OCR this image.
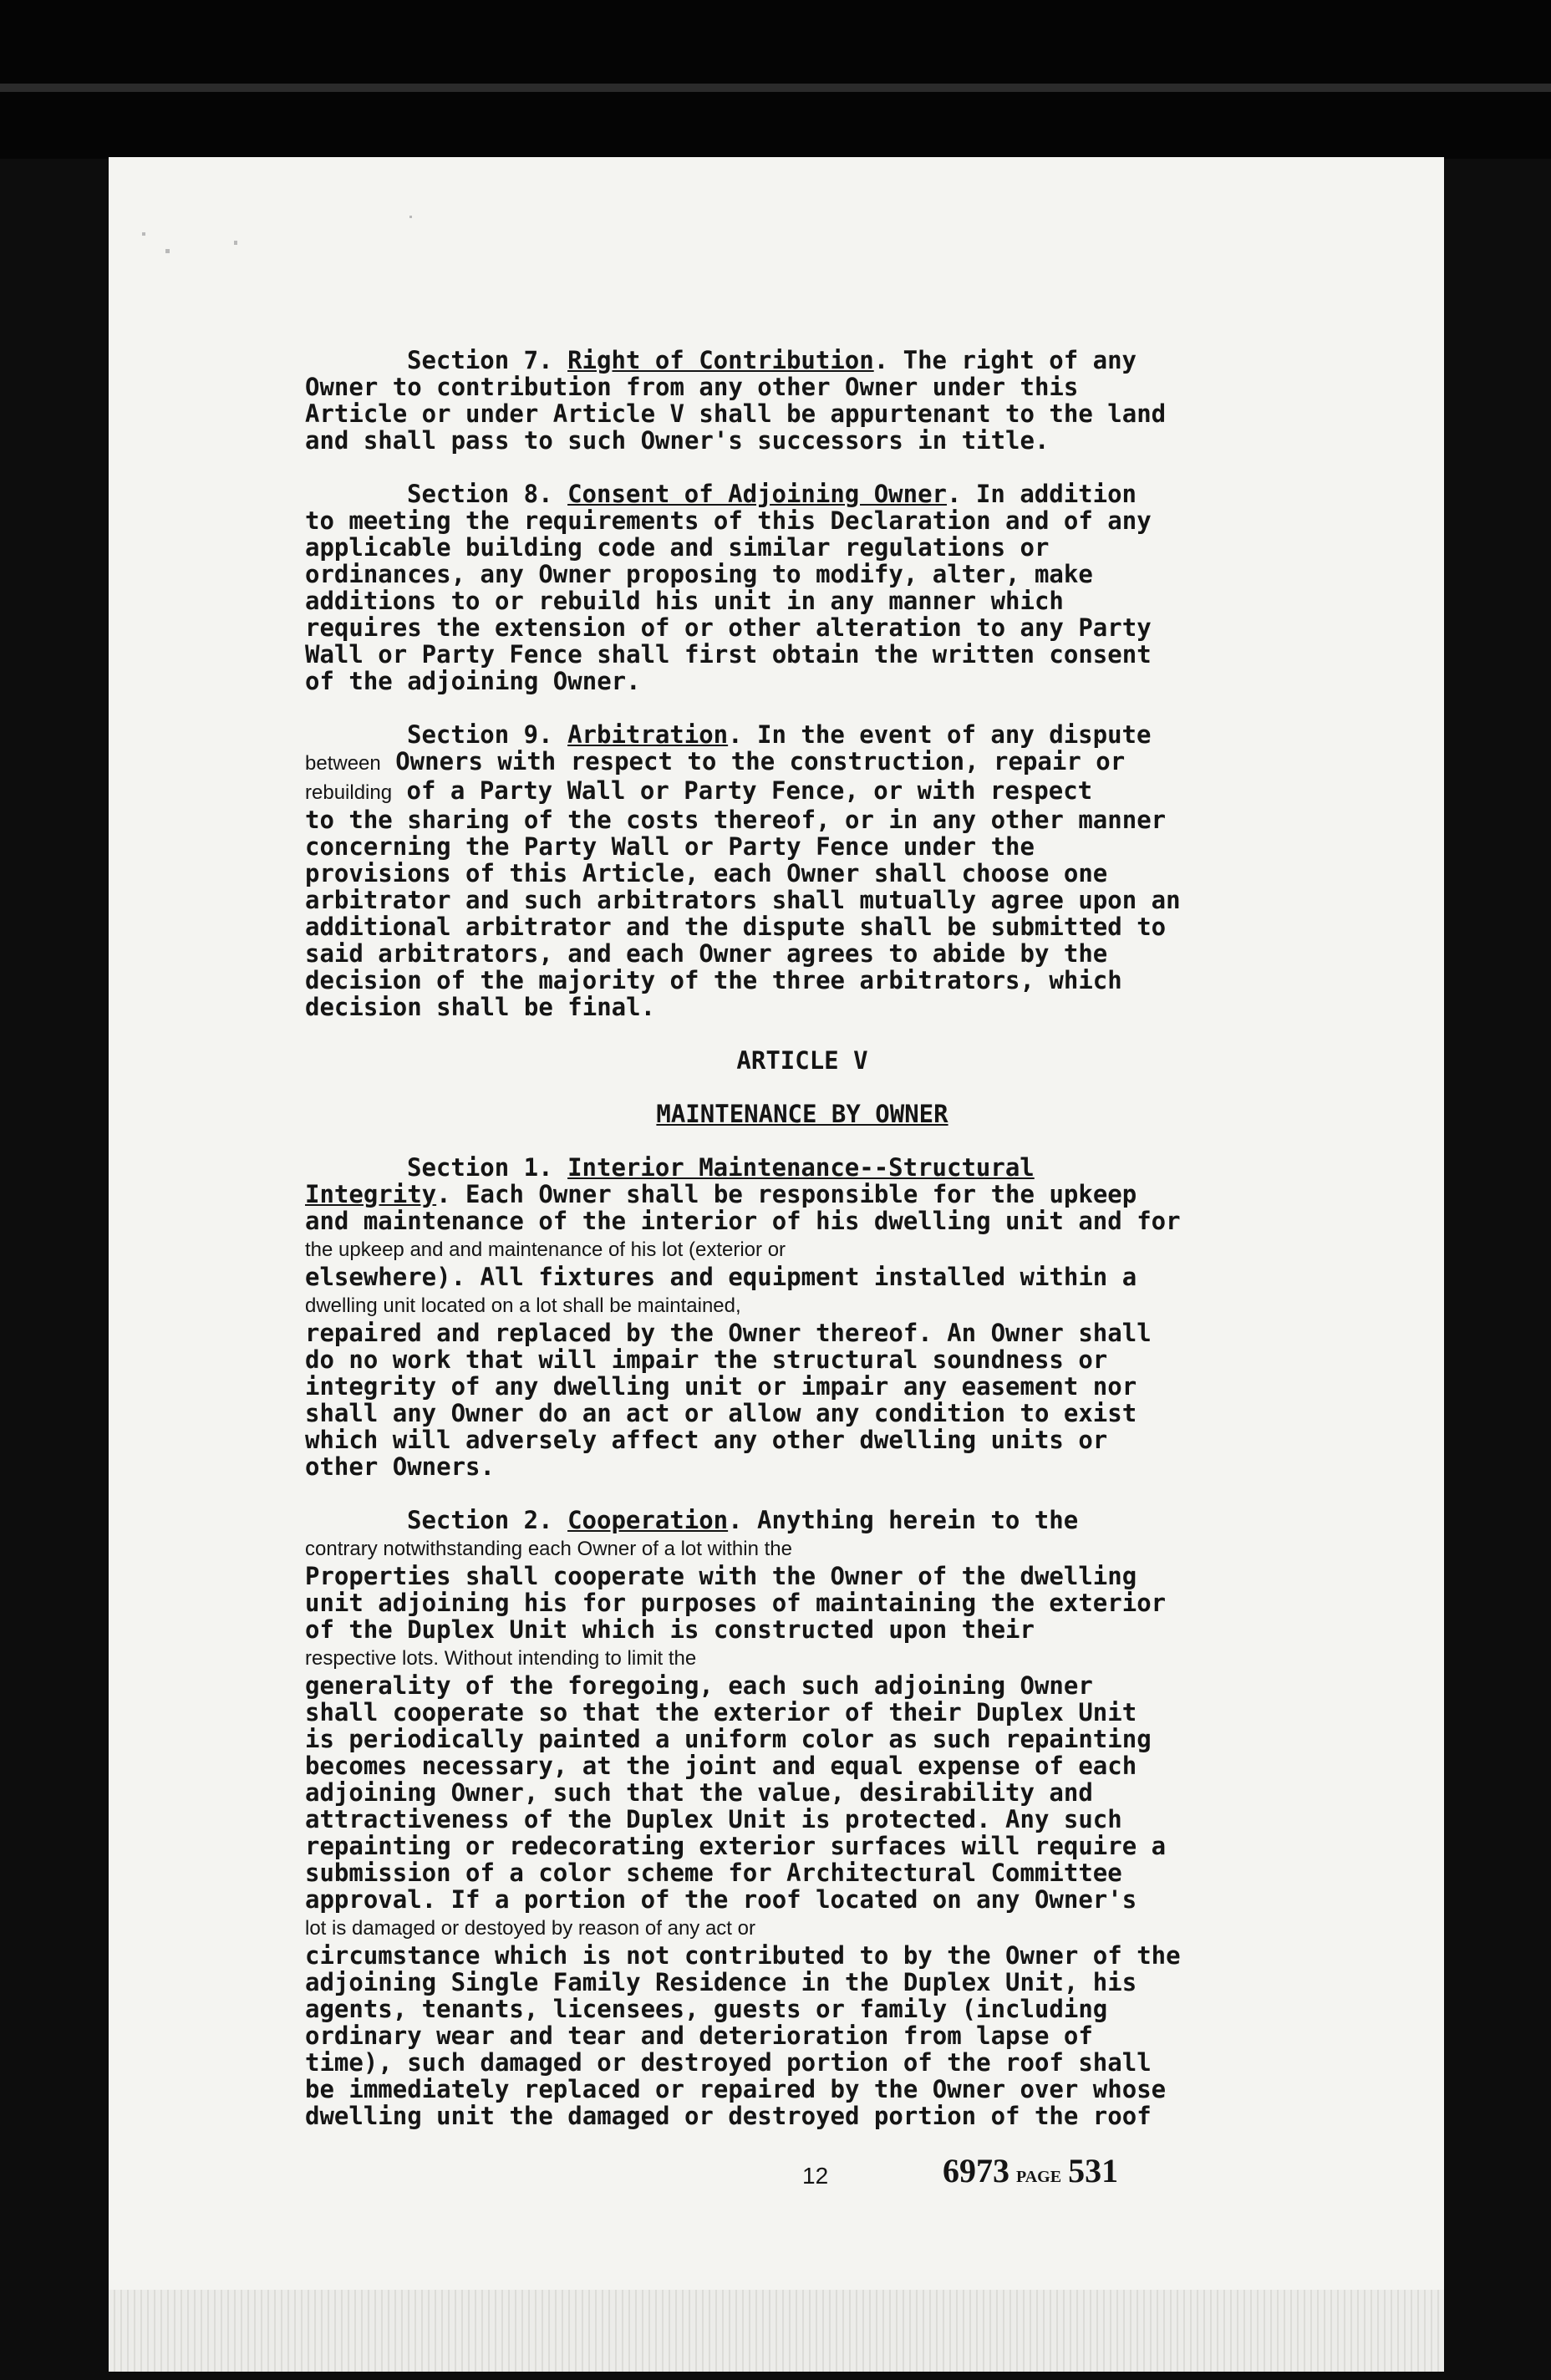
Section 7. Right of Contribution. The right of any
Owner to contribution from any other Owner under this
Article or under Article V shall be appurtenant to the land
and shall pass to such Owner's successors in title.
Section 8. Consent of Adjoining Owner. In addition
to meeting the requirements of this Declaration and of any
applicable building code and similar regulations or
ordinances, any Owner proposing to modify, alter, make
additions to or rebuild his unit in any manner which
requires the extension of or other alteration to any Party
Wall or Party Fence shall first obtain the written consent
of the adjoining Owner.
Section 9. Arbitration. In the event of any dispute
between Owners with respect to the construction, repair or
rebuilding of a Party Wall or Party Fence, or with respect
to the sharing of the costs thereof, or in any other manner
concerning the Party Wall or Party Fence under the
provisions of this Article, each Owner shall choose one
arbitrator and such arbitrators shall mutually agree upon an
additional arbitrator and the dispute shall be submitted to
said arbitrators, and each Owner agrees to abide by the
decision of the majority of the three arbitrators, which
decision shall be final.
ARTICLE V
MAINTENANCE BY OWNER
Section 1. Interior Maintenance--Structural
Integrity. Each Owner shall be responsible for the upkeep
and maintenance of the interior of his dwelling unit and for
the upkeep and and maintenance of his lot (exterior or
elsewhere). All fixtures and equipment installed within a
dwelling unit located on a lot shall be maintained,
repaired and replaced by the Owner thereof. An Owner shall
do no work that will impair the structural soundness or
integrity of any dwelling unit or impair any easement nor
shall any Owner do an act or allow any condition to exist
which will adversely affect any other dwelling units or
other Owners.
Section 2. Cooperation. Anything herein to the
contrary notwithstanding each Owner of a lot within the
Properties shall cooperate with the Owner of the dwelling
unit adjoining his for purposes of maintaining the exterior
of the Duplex Unit which is constructed upon their
respective lots. Without intending to limit the
generality of the foregoing, each such adjoining Owner
shall cooperate so that the exterior of their Duplex Unit
is periodically painted a uniform color as such repainting
becomes necessary, at the joint and equal expense of each
adjoining Owner, such that the value, desirability and
attractiveness of the Duplex Unit is protected. Any such
repainting or redecorating exterior surfaces will require a
submission of a color scheme for Architectural Committee
approval. If a portion of the roof located on any Owner's
lot is damaged or destoyed by reason of any act or
circumstance which is not contributed to by the Owner of the
adjoining Single Family Residence in the Duplex Unit, his
agents, tenants, licensees, guests or family (including
ordinary wear and tear and deterioration from lapse of
time), such damaged or destroyed portion of the roof shall
be immediately replaced or repaired by the Owner over whose
dwelling unit the damaged or destroyed portion of the roof
12	6973 PAGE 531
